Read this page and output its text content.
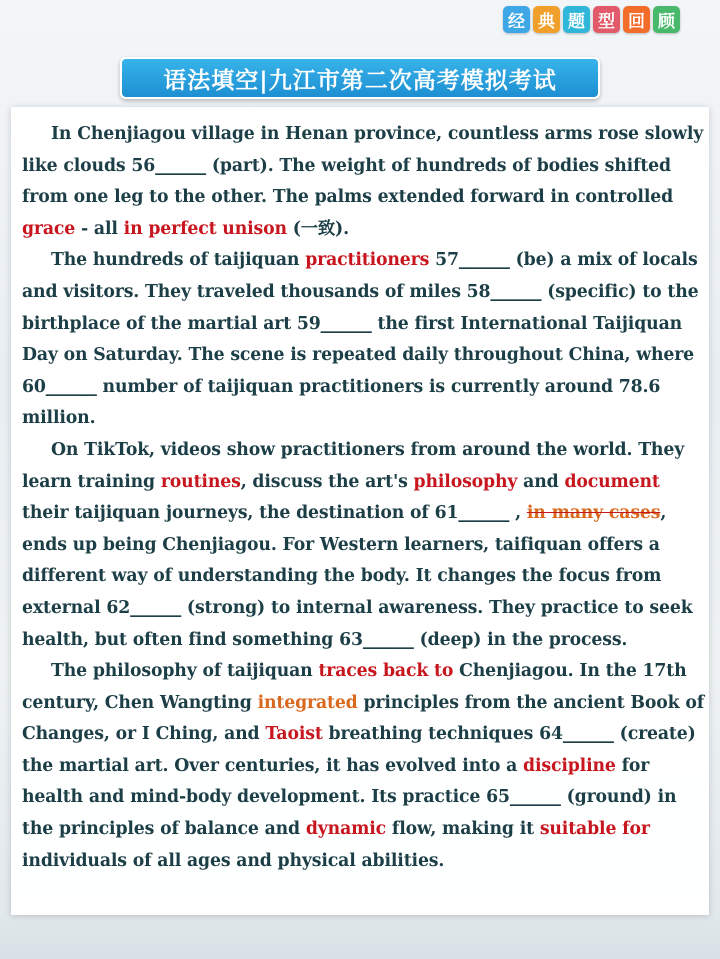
经 典 题 型 回 顾
语法填空|九江市第二次高考模拟考试

In Chenjiagou village in Henan province, countless arms rose slowly like clouds 56______ (part). The weight of hundreds of bodies shifted from one leg to the other. The palms extended forward in controlled grace - all in perfect unison (一致).

The hundreds of taijiquan practitioners 57______ (be) a mix of locals and visitors. They traveled thousands of miles 58______ (specific) to the birthplace of the martial art 59______ the first International Taijiquan Day on Saturday. The scene is repeated daily throughout China, where 60______ number of taijiquan practitioners is currently around 78.6 million.

On TikTok, videos show practitioners from around the world. They learn training routines, discuss the art's philosophy and document their taijiquan journeys, the destination of 61______ , in many cases, ends up being Chenjiagou. For Western learners, taifiquan offers a different way of understanding the body. It changes the focus from external 62______ (strong) to internal awareness. They practice to seek health, but often find something 63______ (deep) in the process.

The philosophy of taijiquan traces back to Chenjiagou. In the 17th century, Chen Wangting integrated principles from the ancient Book of Changes, or I Ching, and Taoist breathing techniques 64______ (create) the martial art. Over centuries, it has evolved into a discipline for health and mind-body development. Its practice 65______ (ground) in the principles of balance and dynamic flow, making it suitable for individuals of all ages and physical abilities.
